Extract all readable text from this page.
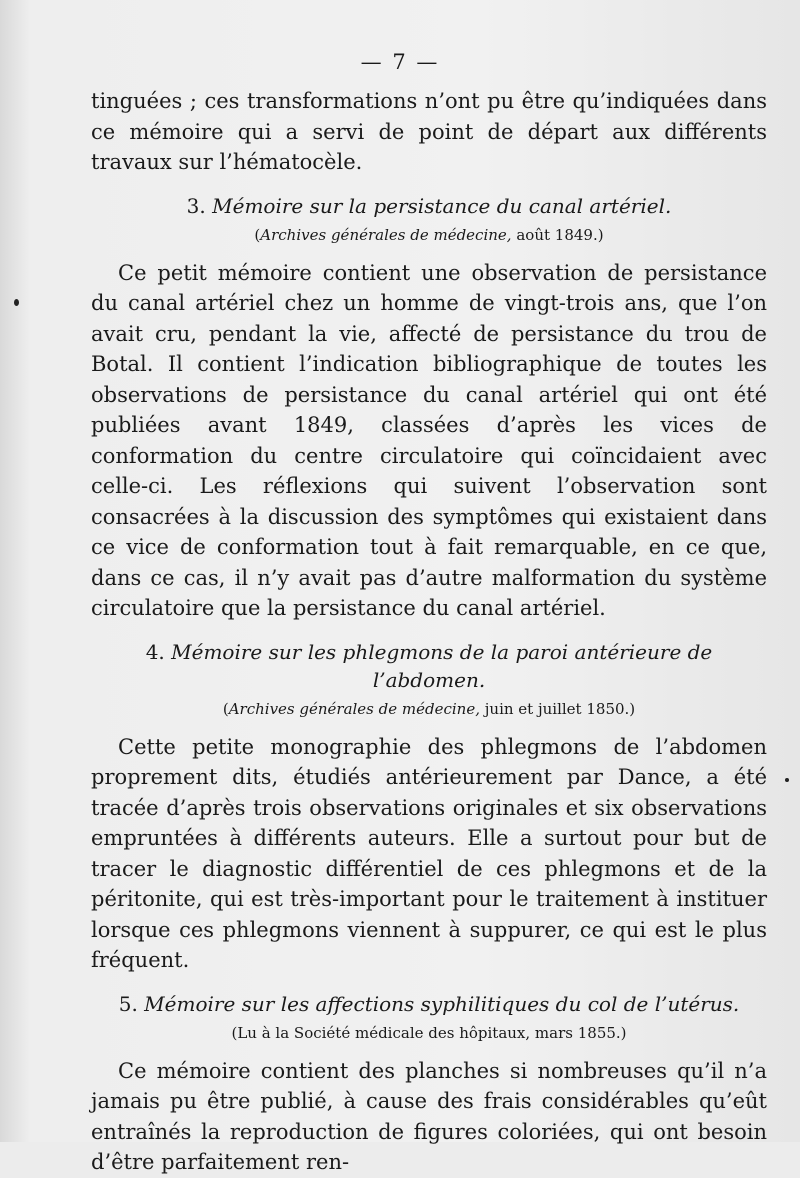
— 7 —

tinguées ; ces transformations n’ont pu être qu’indiquées dans ce mémoire qui a servi de point de départ aux différents travaux sur l’hématocèle.

3. Mémoire sur la persistance du canal artériel.

(Archives générales de médecine, août 1849.)

Ce petit mémoire contient une observation de persistance du canal artériel chez un homme de vingt-trois ans, que l’on avait cru, pendant la vie, affecté de persistance du trou de Botal. Il contient l’indication bibliographique de toutes les observations de persistance du canal artériel qui ont été publiées avant 1849, classées d’après les vices de conformation du centre circulatoire qui coïncidaient avec celle-ci. Les réflexions qui suivent l’observation sont consacrées à la discussion des symptômes qui existaient dans ce vice de conformation tout à fait remarquable, en ce que, dans ce cas, il n’y avait pas d’autre malformation du système circulatoire que la persistance du canal artériel.

4. Mémoire sur les phlegmons de la paroi antérieure de l’abdomen.

(Archives générales de médecine, juin et juillet 1850.)

Cette petite monographie des phlegmons de l’abdomen proprement dits, étudiés antérieurement par Dance, a été tracée d’après trois observations originales et six observations empruntées à différents auteurs. Elle a surtout pour but de tracer le diagnostic différentiel de ces phlegmons et de la péritonite, qui est très-important pour le traitement à instituer lorsque ces phlegmons viennent à suppurer, ce qui est le plus fréquent.

5. Mémoire sur les affections syphilitiques du col de l’utérus.

(Lu à la Société médicale des hôpitaux, mars 1855.)

Ce mémoire contient des planches si nombreuses qu’il n’a jamais pu être publié, à cause des frais considérables qu’eût entraînés la reproduction de figures coloriées, qui ont besoin d’être parfaitement ren-
